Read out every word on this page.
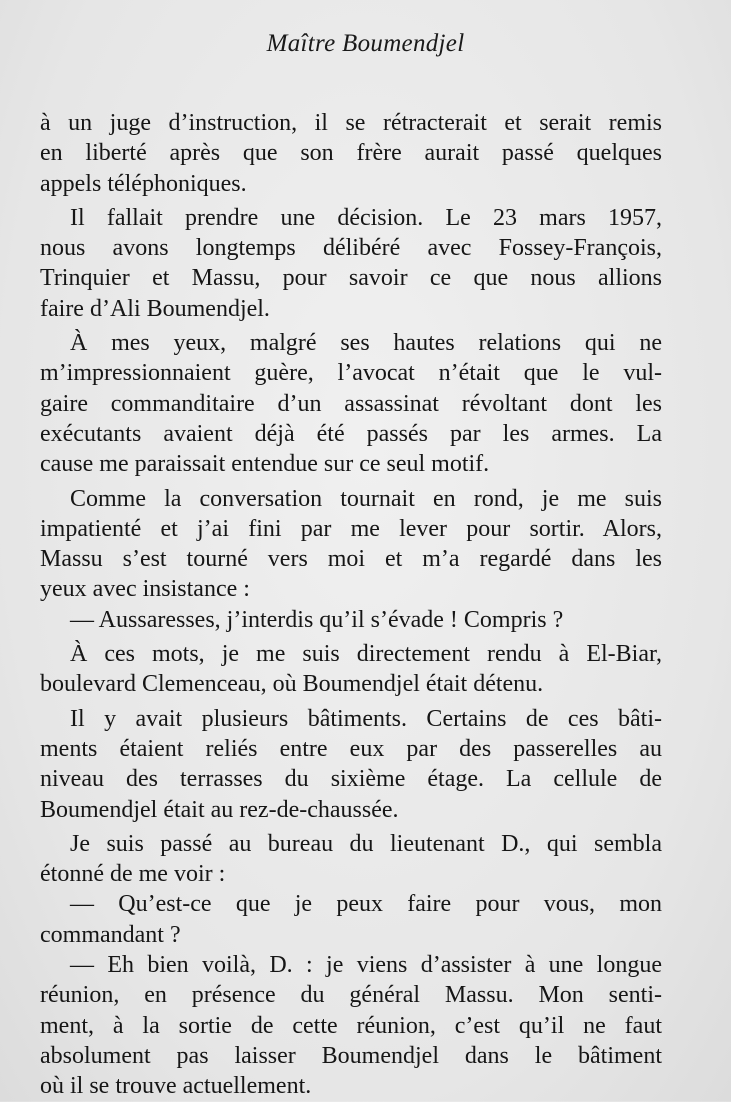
Maître Boumendjel
à un juge d’instruction, il se rétracterait et serait remis
en liberté après que son frère aurait passé quelques
appels téléphoniques.
Il fallait prendre une décision. Le 23 mars 1957,
nous avons longtemps délibéré avec Fossey-François,
Trinquier et Massu, pour savoir ce que nous allions
faire d’Ali Boumendjel.
À mes yeux, malgré ses hautes relations qui ne
m’impressionnaient guère, l’avocat n’était que le vul-
gaire commanditaire d’un assassinat révoltant dont les
exécutants avaient déjà été passés par les armes. La
cause me paraissait entendue sur ce seul motif.
Comme la conversation tournait en rond, je me suis
impatienté et j’ai fini par me lever pour sortir. Alors,
Massu s’est tourné vers moi et m’a regardé dans les
yeux avec insistance :
— Aussaresses, j’interdis qu’il s’évade ! Compris ?
À ces mots, je me suis directement rendu à El-Biar,
boulevard Clemenceau, où Boumendjel était détenu.
Il y avait plusieurs bâtiments. Certains de ces bâti-
ments étaient reliés entre eux par des passerelles au
niveau des terrasses du sixième étage. La cellule de
Boumendjel était au rez-de-chaussée.
Je suis passé au bureau du lieutenant D., qui sembla
étonné de me voir :
— Qu’est-ce que je peux faire pour vous, mon
commandant ?
— Eh bien voilà, D. : je viens d’assister à une longue
réunion, en présence du général Massu. Mon senti-
ment, à la sortie de cette réunion, c’est qu’il ne faut
absolument pas laisser Boumendjel dans le bâtiment
où il se trouve actuellement.
